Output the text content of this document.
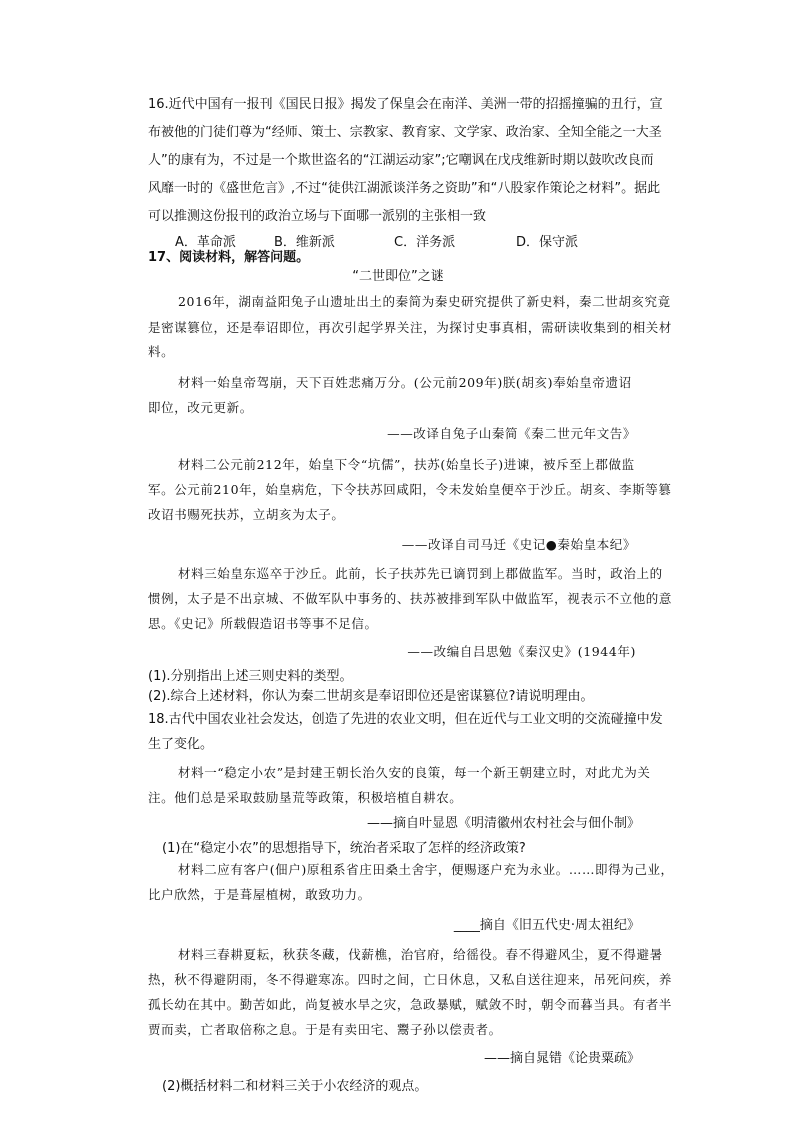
16.近代中国有一报刊《国民日报》揭发了保皇会在南洋、美洲一带的招摇撞骗的丑行，宣
布被他的门徒们尊为“经师、策士、宗教家、教育家、文学家、政治家、全知全能之一大圣
人”的康有为，不过是一个欺世盗名的“江湖运动家”;它嘲讽在戊戌维新时期以鼓吹改良而
风靡一时的《盛世危言》,不过“徒供江湖派谈洋务之资助”和“八股家作策论之材料”。据此
可以推测这份报刊的政治立场与下面哪一派别的主张相一致
A．革命派	B．维新派	C．洋务派	D．保守派
17、阅读材料，解答问题。
“二世即位”之谜
2016年，湖南益阳兔子山遗址出土的秦简为秦史研究提供了新史料，秦二世胡亥究竟
是密谋篡位，还是奉诏即位，再次引起学界关注，为探讨史事真相，需研读收集到的相关材
料。
材料一始皇帝驾崩，天下百姓悲痛万分。(公元前209年)朕(胡亥)奉始皇帝遗诏
即位，改元更新。
——改译自兔子山秦简《秦二世元年文告》
材料二公元前212年，始皇下令“坑儒”，扶苏(始皇长子)进谏，被斥至上郡做监
军。公元前210年，始皇病危，下令扶苏回咸阳，令未发始皇便卒于沙丘。胡亥、李斯等篡
改诏书赐死扶苏，立胡亥为太子。
——改译自司马迁《史记●秦始皇本纪》
材料三始皇东巡卒于沙丘。此前，长子扶苏先已谪罚到上郡做监军。当时，政治上的
惯例，太子是不出京城、不做军队中事务的、扶苏被排到军队中做监军，视表示不立他的意
思。《史记》所载假造诏书等事不足信。
——改编自吕思勉《秦汉史》(1944年)
(1).分别指出上述三则史料的类型。
(2).综合上述材料，你认为秦二世胡亥是奉诏即位还是密谋篡位?请说明理由。
18.古代中国农业社会发达，创造了先进的农业文明，但在近代与工业文明的交流碰撞中发
生了变化。
材料一“稳定小农”是封建王朝长治久安的良策，每一个新王朝建立时，对此尤为关
注。他们总是采取鼓励垦荒等政策，积极培植自耕农。
——摘自叶显恩《明清徽州农村社会与佃仆制》
(1)在“稳定小农”的思想指导下，统治者采取了怎样的经济政策?
材料二应有客户(佃户)原租系省庄田桑土舍宇，便赐逐户充为永业。……即得为己业，
比户欣然，于是葺屋植树，敢致功力。
____摘自《旧五代史·周太祖纪》
材料三春耕夏耘，秋获冬藏，伐薪樵，治官府，给徭役。春不得避风尘，夏不得避暑
热，秋不得避阴雨，冬不得避寒冻。四时之间，亡日休息，又私自送往迎来，吊死问疾，养
孤长幼在其中。勤苦如此，尚复被水旱之灾，急政暴赋，赋敛不时，朝令而暮当具。有者半
贾而卖，亡者取倍称之息。于是有卖田宅、鬻子孙以偿责者。
——摘自晁错《论贵粟疏》
(2)概括材料二和材料三关于小农经济的观点。
